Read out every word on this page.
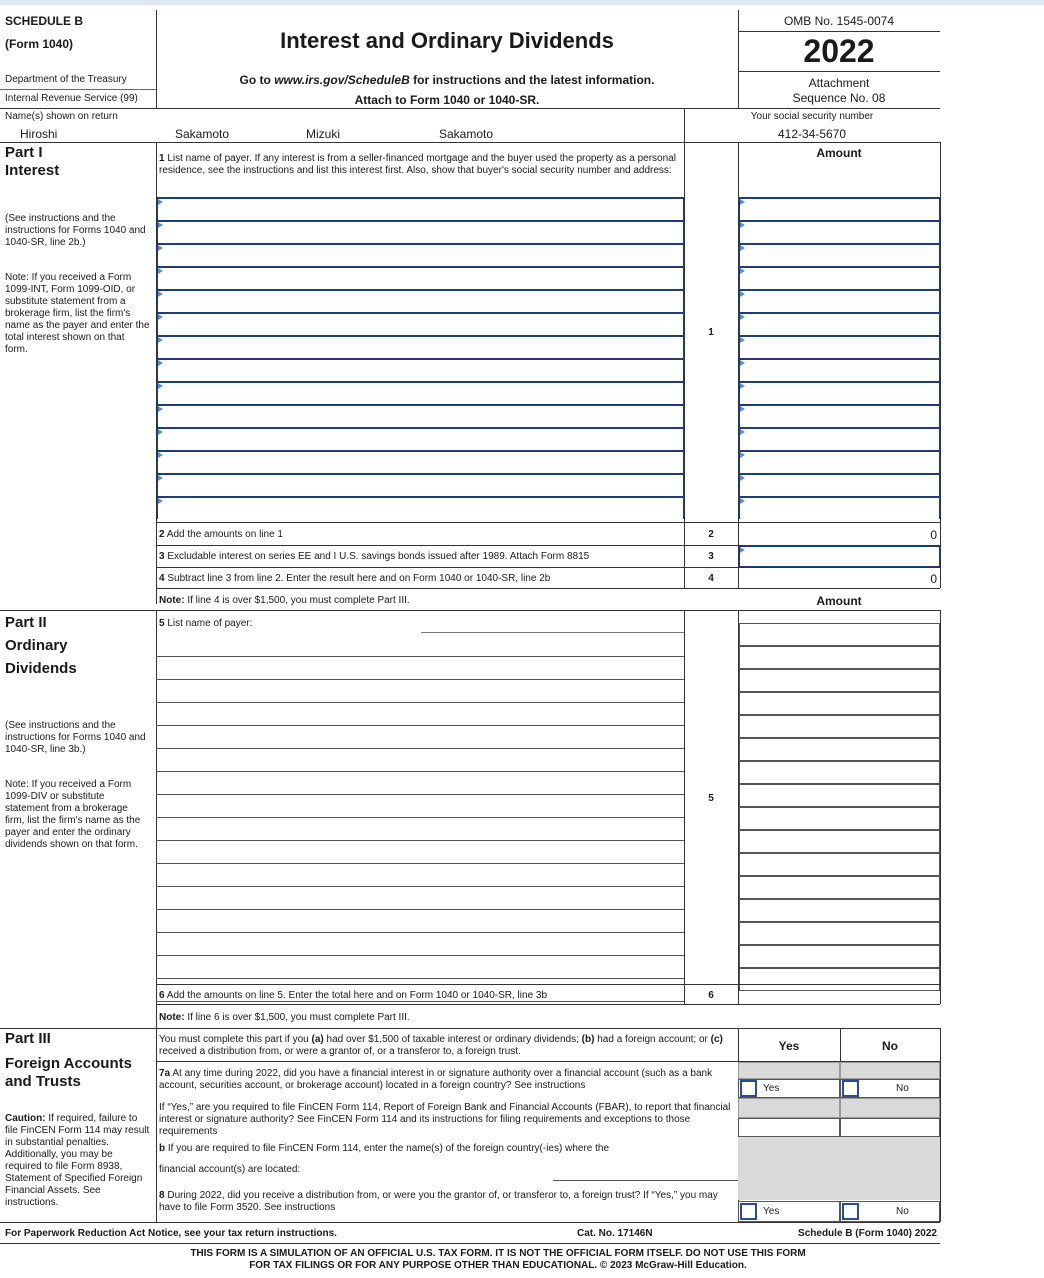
SCHEDULE B
(Form 1040)
Department of the Treasury
Internal Revenue Service (99)
Interest and Ordinary Dividends
Go to www.irs.gov/ScheduleB for instructions and the latest information.
Attach to Form 1040 or 1040-SR.
OMB No. 1545-0074
2022
Attachment
Sequence No. 08
Name(s) shown on return
Hiroshi	Sakamoto	Mizuki	Sakamoto
Your social security number
412-34-5670
Part I
Interest
(See instructions and the instructions for Forms 1040 and 1040-SR, line 2b.)
Note: If you received a Form 1099-INT, Form 1099-OID, or substitute statement from a brokerage firm, list the firm's name as the payer and enter the total interest shown on that form.
1 List name of payer. If any interest is from a seller-financed mortgage and the buyer used the property as a personal residence, see the instructions and list this interest first. Also, show that buyer's social security number and address:
Amount
1
2 Add the amounts on line 1	2	0
3 Excludable interest on series EE and I U.S. savings bonds issued after 1989. Attach Form 8815	3
4 Subtract line 3 from line 2. Enter the result here and on Form 1040 or 1040-SR, line 2b	4	0
Note: If line 4 is over $1,500, you must complete Part III.	Amount
Part II
Ordinary
Dividends
(See instructions and the instructions for Forms 1040 and 1040-SR, line 3b.)
Note: If you received a Form 1099-DIV or substitute statement from a brokerage firm, list the firm's name as the payer and enter the ordinary dividends shown on that form.
5 List name of payer:
5
6 Add the amounts on line 5. Enter the total here and on Form 1040 or 1040-SR, line 3b	6
Note: If line 6 is over $1,500, you must complete Part III.
Part III
Foreign Accounts
and Trusts
Caution: If required, failure to file FinCEN Form 114 may result in substantial penalties. Additionally, you may be required to file Form 8938, Statement of Specified Foreign Financial Assets. See instructions.
You must complete this part if you (a) had over $1,500 of taxable interest or ordinary dividends; (b) had a foreign account; or (c) received a distribution from, or were a grantor of, or a transferor to, a foreign trust.	Yes	No
7a At any time during 2022, did you have a financial interest in or signature authority over a financial account (such as a bank account, securities account, or brokerage account) located in a foreign country? See instructions	Yes	No
If “Yes,” are you required to file FinCEN Form 114, Report of Foreign Bank and Financial Accounts (FBAR), to report that financial interest or signature authority? See FinCEN Form 114 and its instructions for filing requirements and exceptions to those requirements
b If you are required to file FinCEN Form 114, enter the name(s) of the foreign country(-ies) where the
financial account(s) are located:
8 During 2022, did you receive a distribution from, or were you the grantor of, or transferor to, a foreign trust? If “Yes,” you may have to file Form 3520. See instructions	Yes	No
For Paperwork Reduction Act Notice, see your tax return instructions.	Cat. No. 17146N	Schedule B (Form 1040) 2022
THIS FORM IS A SIMULATION OF AN OFFICIAL U.S. TAX FORM. IT IS NOT THE OFFICIAL FORM ITSELF. DO NOT USE THIS FORM
FOR TAX FILINGS OR FOR ANY PURPOSE OTHER THAN EDUCATIONAL. © 2023 McGraw-Hill Education.
